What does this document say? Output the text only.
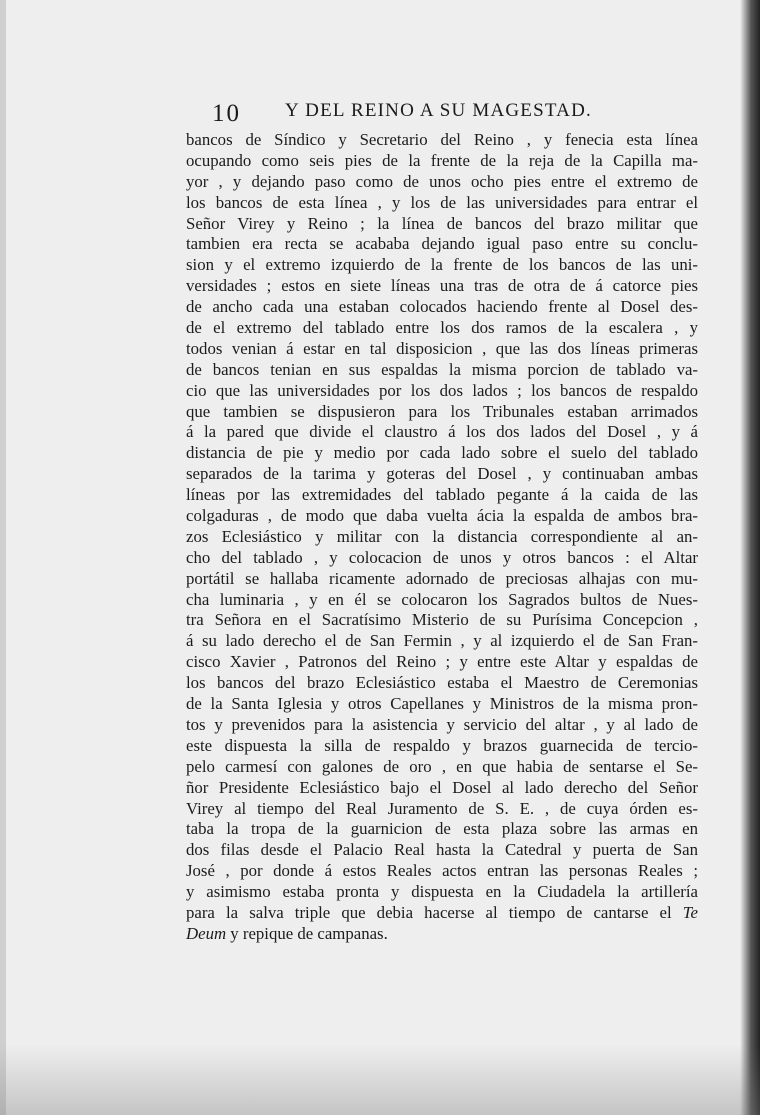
10 Y DEL REINO A SU MAGESTAD.
bancos de Síndico y Secretario del Reino , y fenecia esta línea
ocupando como seis pies de la frente de la reja de la Capilla ma-
yor , y dejando paso como de unos ocho pies entre el extremo de
los bancos de esta línea , y los de las universidades para entrar el
Señor Virey y Reino ; la línea de bancos del brazo militar que
tambien era recta se acababa dejando igual paso entre su conclu-
sion y el extremo izquierdo de la frente de los bancos de las uni-
versidades ; estos en siete líneas una tras de otra de á catorce pies
de ancho cada una estaban colocados haciendo frente al Dosel des-
de el extremo del tablado entre los dos ramos de la escalera , y
todos venian á estar en tal disposicion , que las dos líneas primeras
de bancos tenian en sus espaldas la misma porcion de tablado va-
cio que las universidades por los dos lados ; los bancos de respaldo
que tambien se dispusieron para los Tribunales estaban arrimados
á la pared que divide el claustro á los dos lados del Dosel , y á
distancia de pie y medio por cada lado sobre el suelo del tablado
separados de la tarima y goteras del Dosel , y continuaban ambas
líneas por las extremidades del tablado pegante á la caida de las
colgaduras , de modo que daba vuelta ácia la espalda de ambos bra-
zos Eclesiástico y militar con la distancia correspondiente al an-
cho del tablado , y colocacion de unos y otros bancos : el Altar
portátil se hallaba ricamente adornado de preciosas alhajas con mu-
cha luminaria , y en él se colocaron los Sagrados bultos de Nues-
tra Señora en el Sacratísimo Misterio de su Purísima Concepcion ,
á su lado derecho el de San Fermin , y al izquierdo el de San Fran-
cisco Xavier , Patronos del Reino ; y entre este Altar y espaldas de
los bancos del brazo Eclesiástico estaba el Maestro de Ceremonias
de la Santa Iglesia y otros Capellanes y Ministros de la misma pron-
tos y prevenidos para la asistencia y servicio del altar , y al lado de
este dispuesta la silla de respaldo y brazos guarnecida de tercio-
pelo carmesí con galones de oro , en que habia de sentarse el Se-
ñor Presidente Eclesiástico bajo el Dosel al lado derecho del Señor
Virey al tiempo del Real Juramento de S. E. , de cuya órden es-
taba la tropa de la guarnicion de esta plaza sobre las armas en
dos filas desde el Palacio Real hasta la Catedral y puerta de San
José , por donde á estos Reales actos entran las personas Reales ;
y asimismo estaba pronta y dispuesta en la Ciudadela la artillería
para la salva triple que debia hacerse al tiempo de cantarse el Te
Deum y repique de campanas.
